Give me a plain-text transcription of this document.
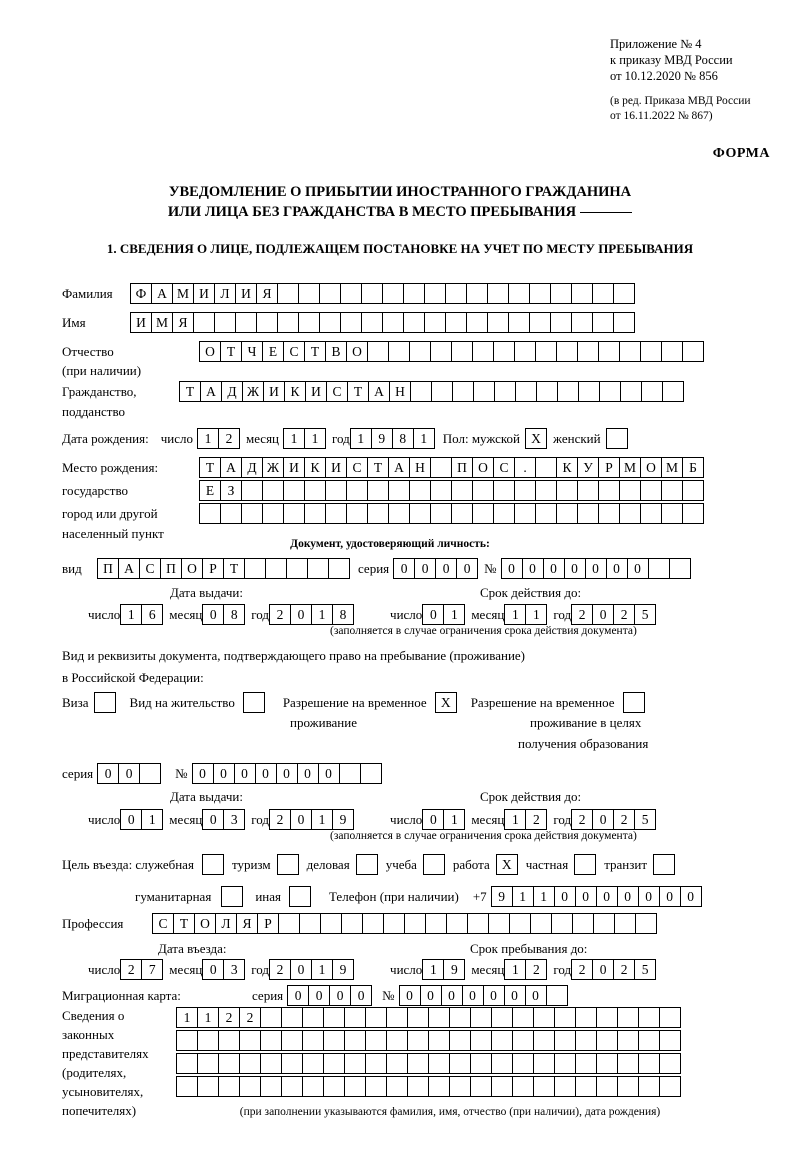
Приложение № 4
к приказу МВД России
от 10.12.2020 № 856
(в ред. Приказа МВД России
от 16.11.2022 № 867)
ФОРМА
УВЕДОМЛЕНИЕ О ПРИБЫТИИ ИНОСТРАННОГО ГРАЖДАНИНА
ИЛИ ЛИЦА БЕЗ ГРАЖДАНСТВА В МЕСТО ПРЕБЫВАНИЯ
1. СВЕДЕНИЯ О ЛИЦЕ, ПОДЛЕЖАЩЕМ ПОСТАНОВКЕ НА УЧЕТ ПО МЕСТУ ПРЕБЫВАНИЯ
Фамилия	Ф А М И Л И Я
Имя	И М Я
Отчество	О Т Ч Е С Т В О
(при наличии)
Гражданство,	Т А Д Ж И К И С Т А Н
подданство
Дата рождения: число 1	2	месяц 1	1	год 1	9	8	1	Пол: мужской Х женский
Место рождения:	Т А Д Ж И К И С Т А Н	П О С	.	К У Р М О М Б
государство	Е З
город или другой
населенный пункт
Документ, удостоверяющий личность:
вид	П А С П О Р Т	серия 0	0	0	0	№ 0	0	0	0	0	0	0
Дата выдачи:	Срок действия до:
число 1	6	месяц 0	8	год 2	0	1	8	число 0	1	месяц 1	1	год 2	0	2	5
(заполняется в случае ограничения срока действия документа)
Вид и реквизиты документа, подтверждающего право на пребывание (проживание)
в Российской Федерации:
Виза	Вид на жительство	Разрешение на временное	Х	Разрешение на временное
проживание	проживание в целях
получения образования
серия 0	0	№ 0	0	0	0	0	0	0
Дата выдачи:	Срок действия до:
число 0	1	месяц 0	3	год 2	0	1	9	число 0	1	месяц 1	2	год 2	0	2	5
(заполняется в случае ограничения срока действия документа)
Цель въезда: служебная	туризм	деловая	учеба	работа Х	частная	транзит
гуманитарная	иная	Телефон (при наличии) +7 9	1	1	0	0	0	0	0	0	0
Профессия	С Т О Л Я Р
Дата въезда:	Срок пребывания до:
число 2	7	месяц 0	3	год 2	0	1	9	число 1	9	месяц 1	2	год 2	0	2	5
Миграционная карта:	серия 0	0	0	0	№ 0	0	0	0	0	0	0
Сведения о
законных
представителях
(родителях,
усыновителях,
попечителях)
1	1	2	2
(при заполнении указываются фамилия, имя, отчество (при наличии), дата рождения)
